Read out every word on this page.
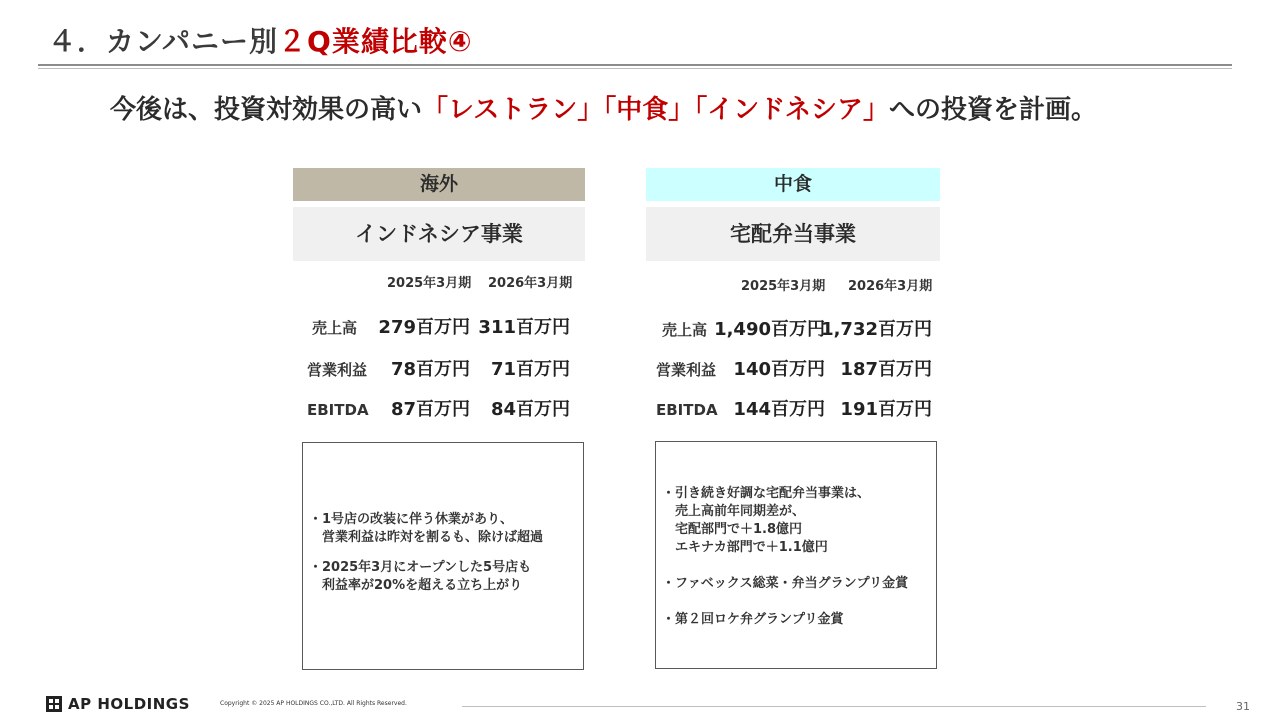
４．カンパニー別２Q業績比較④
今後は、投資対効果の高い「レストラン」「中食」「インドネシア」への投資を計画。
海外
インドネシア事業
2025年3月期 2026年3月期
売上高 279百万円 311百万円
営業利益 78百万円 71百万円
EBITDA 87百万円 84百万円
中食
宅配弁当事業
2025年3月期 2026年3月期
売上高 1,490百万円
1,732百万円
営業利益 140百万円 187百万円
EBITDA 144百万円 191百万円
・1号店の改装に伴う休業があり、
　営業利益は昨対を割るも、除けば超過
・2025年3月にオープンした5号店も
　利益率が20%を超える立ち上がり
・引き続き好調な宅配弁当事業は、
　売上高前年同期差が、
　宅配部門で＋1.8億円
　エキナカ部門で＋1.1億円
・ファベックス総菜・弁当グランプリ金賞
・第２回ロケ弁グランプリ金賞
AP HOLDINGS	Copyright © 2025 AP HOLDINGS CO.,LTD. All Rights Reserved.	31
